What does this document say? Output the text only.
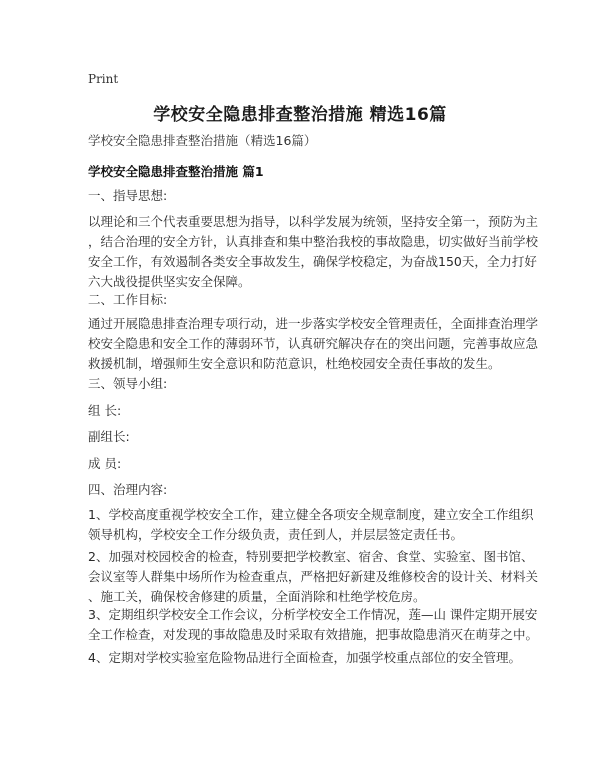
Print
学校安全隐患排查整治措施 精选16篇
学校安全隐患排查整治措施（精选16篇）
学校安全隐患排查整治措施 篇1
一、指导思想:
以理论和三个代表重要思想为指导，以科学发展为统领，坚持安全第一，预防为主
，结合治理的安全方针，认真排查和集中整治我校的事故隐患，切实做好当前学校
安全工作，有效遏制各类安全事故发生，确保学校稳定，为奋战150天，全力打好
六大战役提供坚实安全保障。
二、工作目标:
通过开展隐患排查治理专项行动，进一步落实学校安全管理责任，全面排查治理学
校安全隐患和安全工作的薄弱环节，认真研究解决存在的突出问题，完善事故应急
救援机制，增强师生安全意识和防范意识，杜绝校园安全责任事故的发生。
三、领导小组:
组 长:
副组长:
成 员:
四、治理内容:
1、学校高度重视学校安全工作，建立健全各项安全规章制度，建立安全工作组织
领导机构，学校安全工作分级负责，责任到人，并层层签定责任书。
2、加强对校园校舍的检查，特别要把学校教室、宿舍、食堂、实验室、图书馆、
会议室等人群集中场所作为检查重点，严格把好新建及维修校舍的设计关、材料关
、施工关，确保校舍修建的质量，全面消除和杜绝学校危房。
3、定期组织学校安全工作会议，分析学校安全工作情况，莲—山 课件定期开展安
全工作检查，对发现的事故隐患及时采取有效措施，把事故隐患消灭在萌芽之中。
4、定期对学校实验室危险物品进行全面检查，加强学校重点部位的安全管理。
